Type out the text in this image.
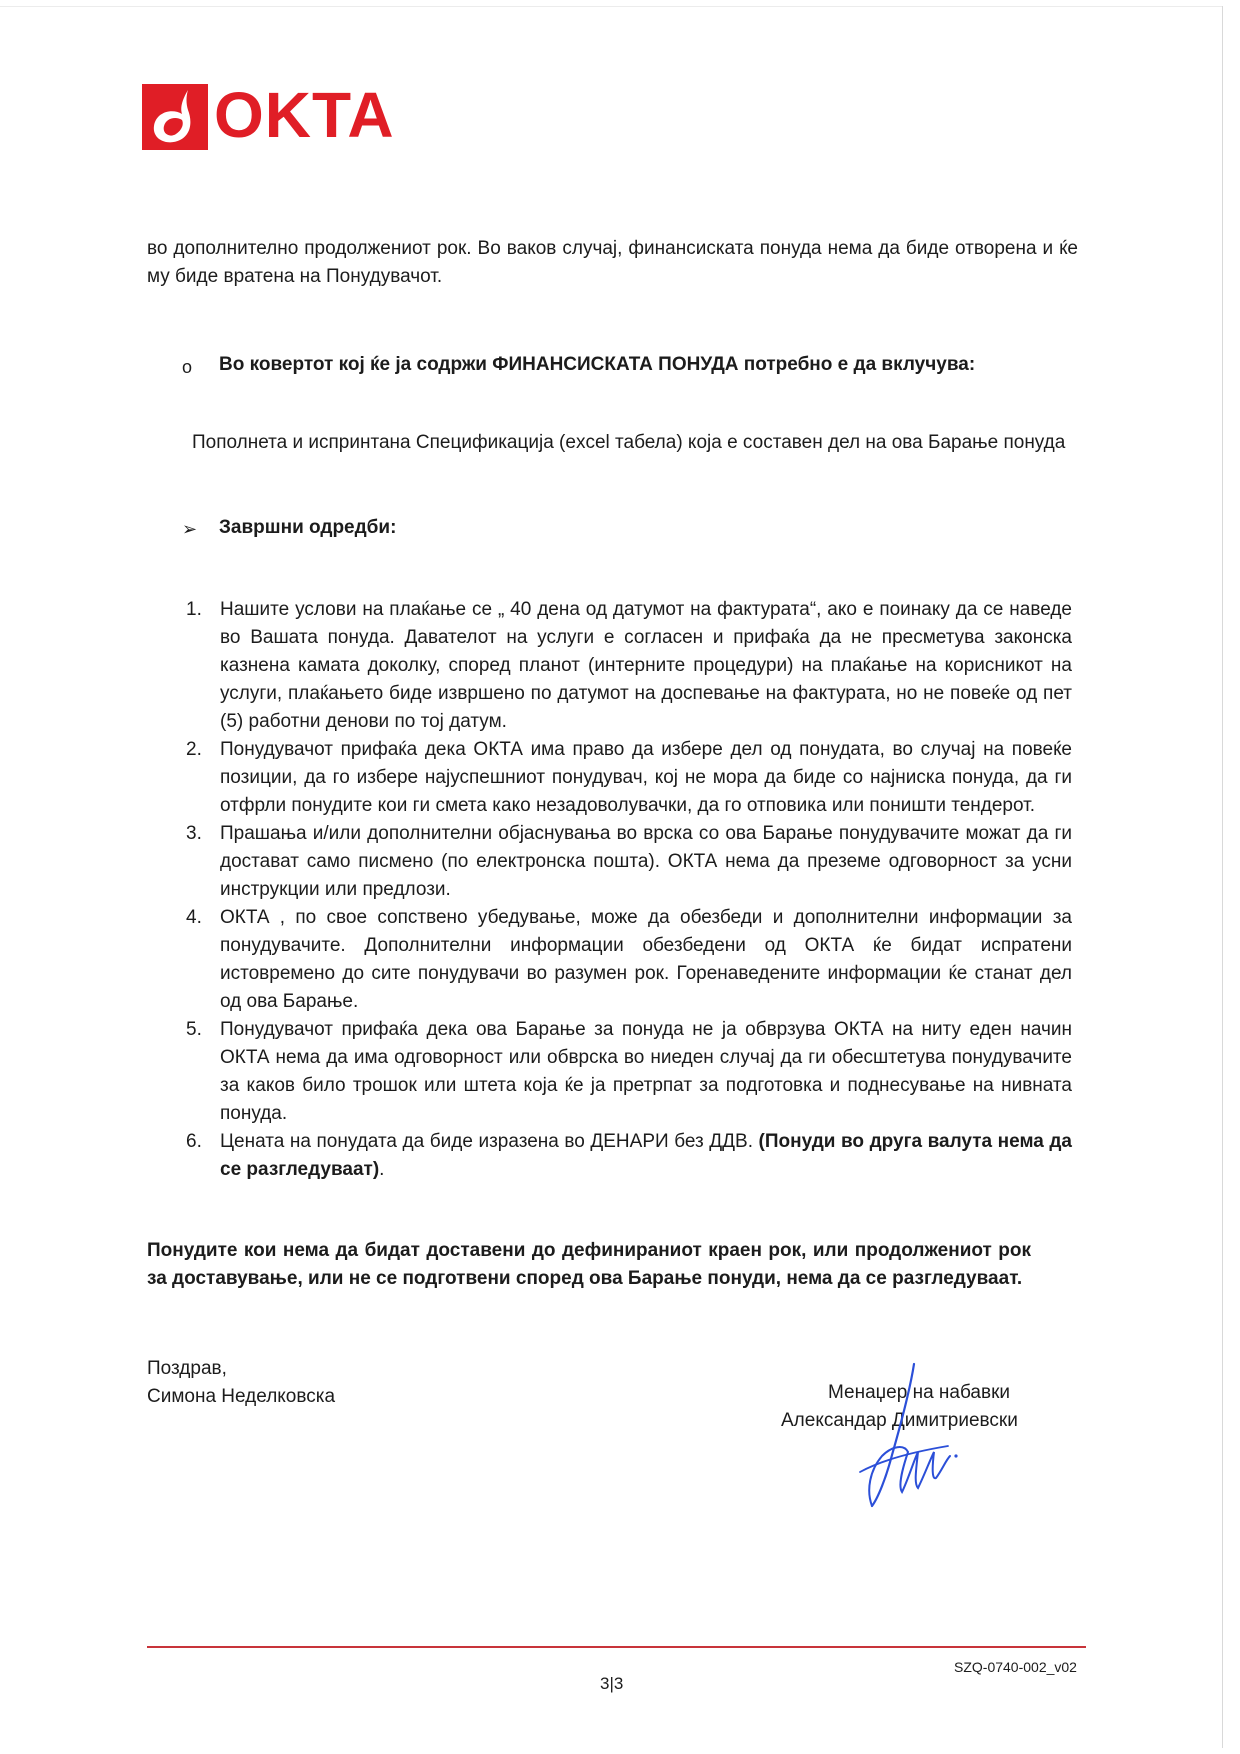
OKTA
во дополнително продолжениот рок. Во ваков случај, финансиската понуда нема да биде отворена и ќе му биде вратена на Понудувачот.
o Во ковертот кој ќе ја содржи ФИНАНСИСКАТА ПОНУДА потребно е да вклучува:
Пополнета и испринтана Спецификација (excel табела) која е составен дел на ова Барање понуда
➢ Завршни одредби:
1. Нашите услови на плаќање се „ 40 дена од датумот на фактурата“, ако е поинаку да се наведе во Вашата понуда. Давателот на услуги е согласен и прифаќа да не пресметува законска казнена камата доколку, според планот (интерните процедури) на плаќање на корисникот на услуги, плаќањето биде извршено по датумот на доспевање на фактурата, но не повеќе од пет (5) работни денови по тој датум.
2. Понудувачот прифаќа дека ОКТА има право да избере дел од понудата, во случај на повеќе позиции, да го избере најуспешниот понудувач, кој не мора да биде со најниска понуда, да ги отфрли понудите кои ги смета како незадоволувачки, да го отповика или поништи тендерот.
3. Прашања и/или дополнителни објаснувања во врска со ова Барање понудувачите можат да ги достават само писмено (по електронска пошта). ОКТА нема да преземе одговорност за усни инструкции или предлози.
4. ОКТА , по свое сопствено убедување, може да обезбеди и дополнителни информации за понудувачите. Дополнителни информации обезбедени од ОКТА ќе бидат испратени истовремено до сите понудувачи во разумен рок. Горенаведените информации ќе станат дел од ова Барање.
5. Понудувачот прифаќа дека ова Барање за понуда не ја обврзува ОКТА на ниту еден начин ОКТА нема да има одговорност или обврска во ниеден случај да ги обесштетува понудувачите за каков било трошок или штета која ќе ја претрпат за подготовка и поднесување на нивната понуда.
6. Цената на понудата да биде изразена во ДЕНАРИ без ДДВ. (Понуди во друга валута нема да се разгледуваат).
Понудите кои нема да бидат доставени до дефинираниот краен рок, или продолжениот рок за доставување, или не се подготвени според ова Барање понуди, нема да се разгледуваат.
Поздрав,
Симона Неделковска	Менаџер на набавки
Александар Димитриевски
SZQ-0740-002_v02
3|3
